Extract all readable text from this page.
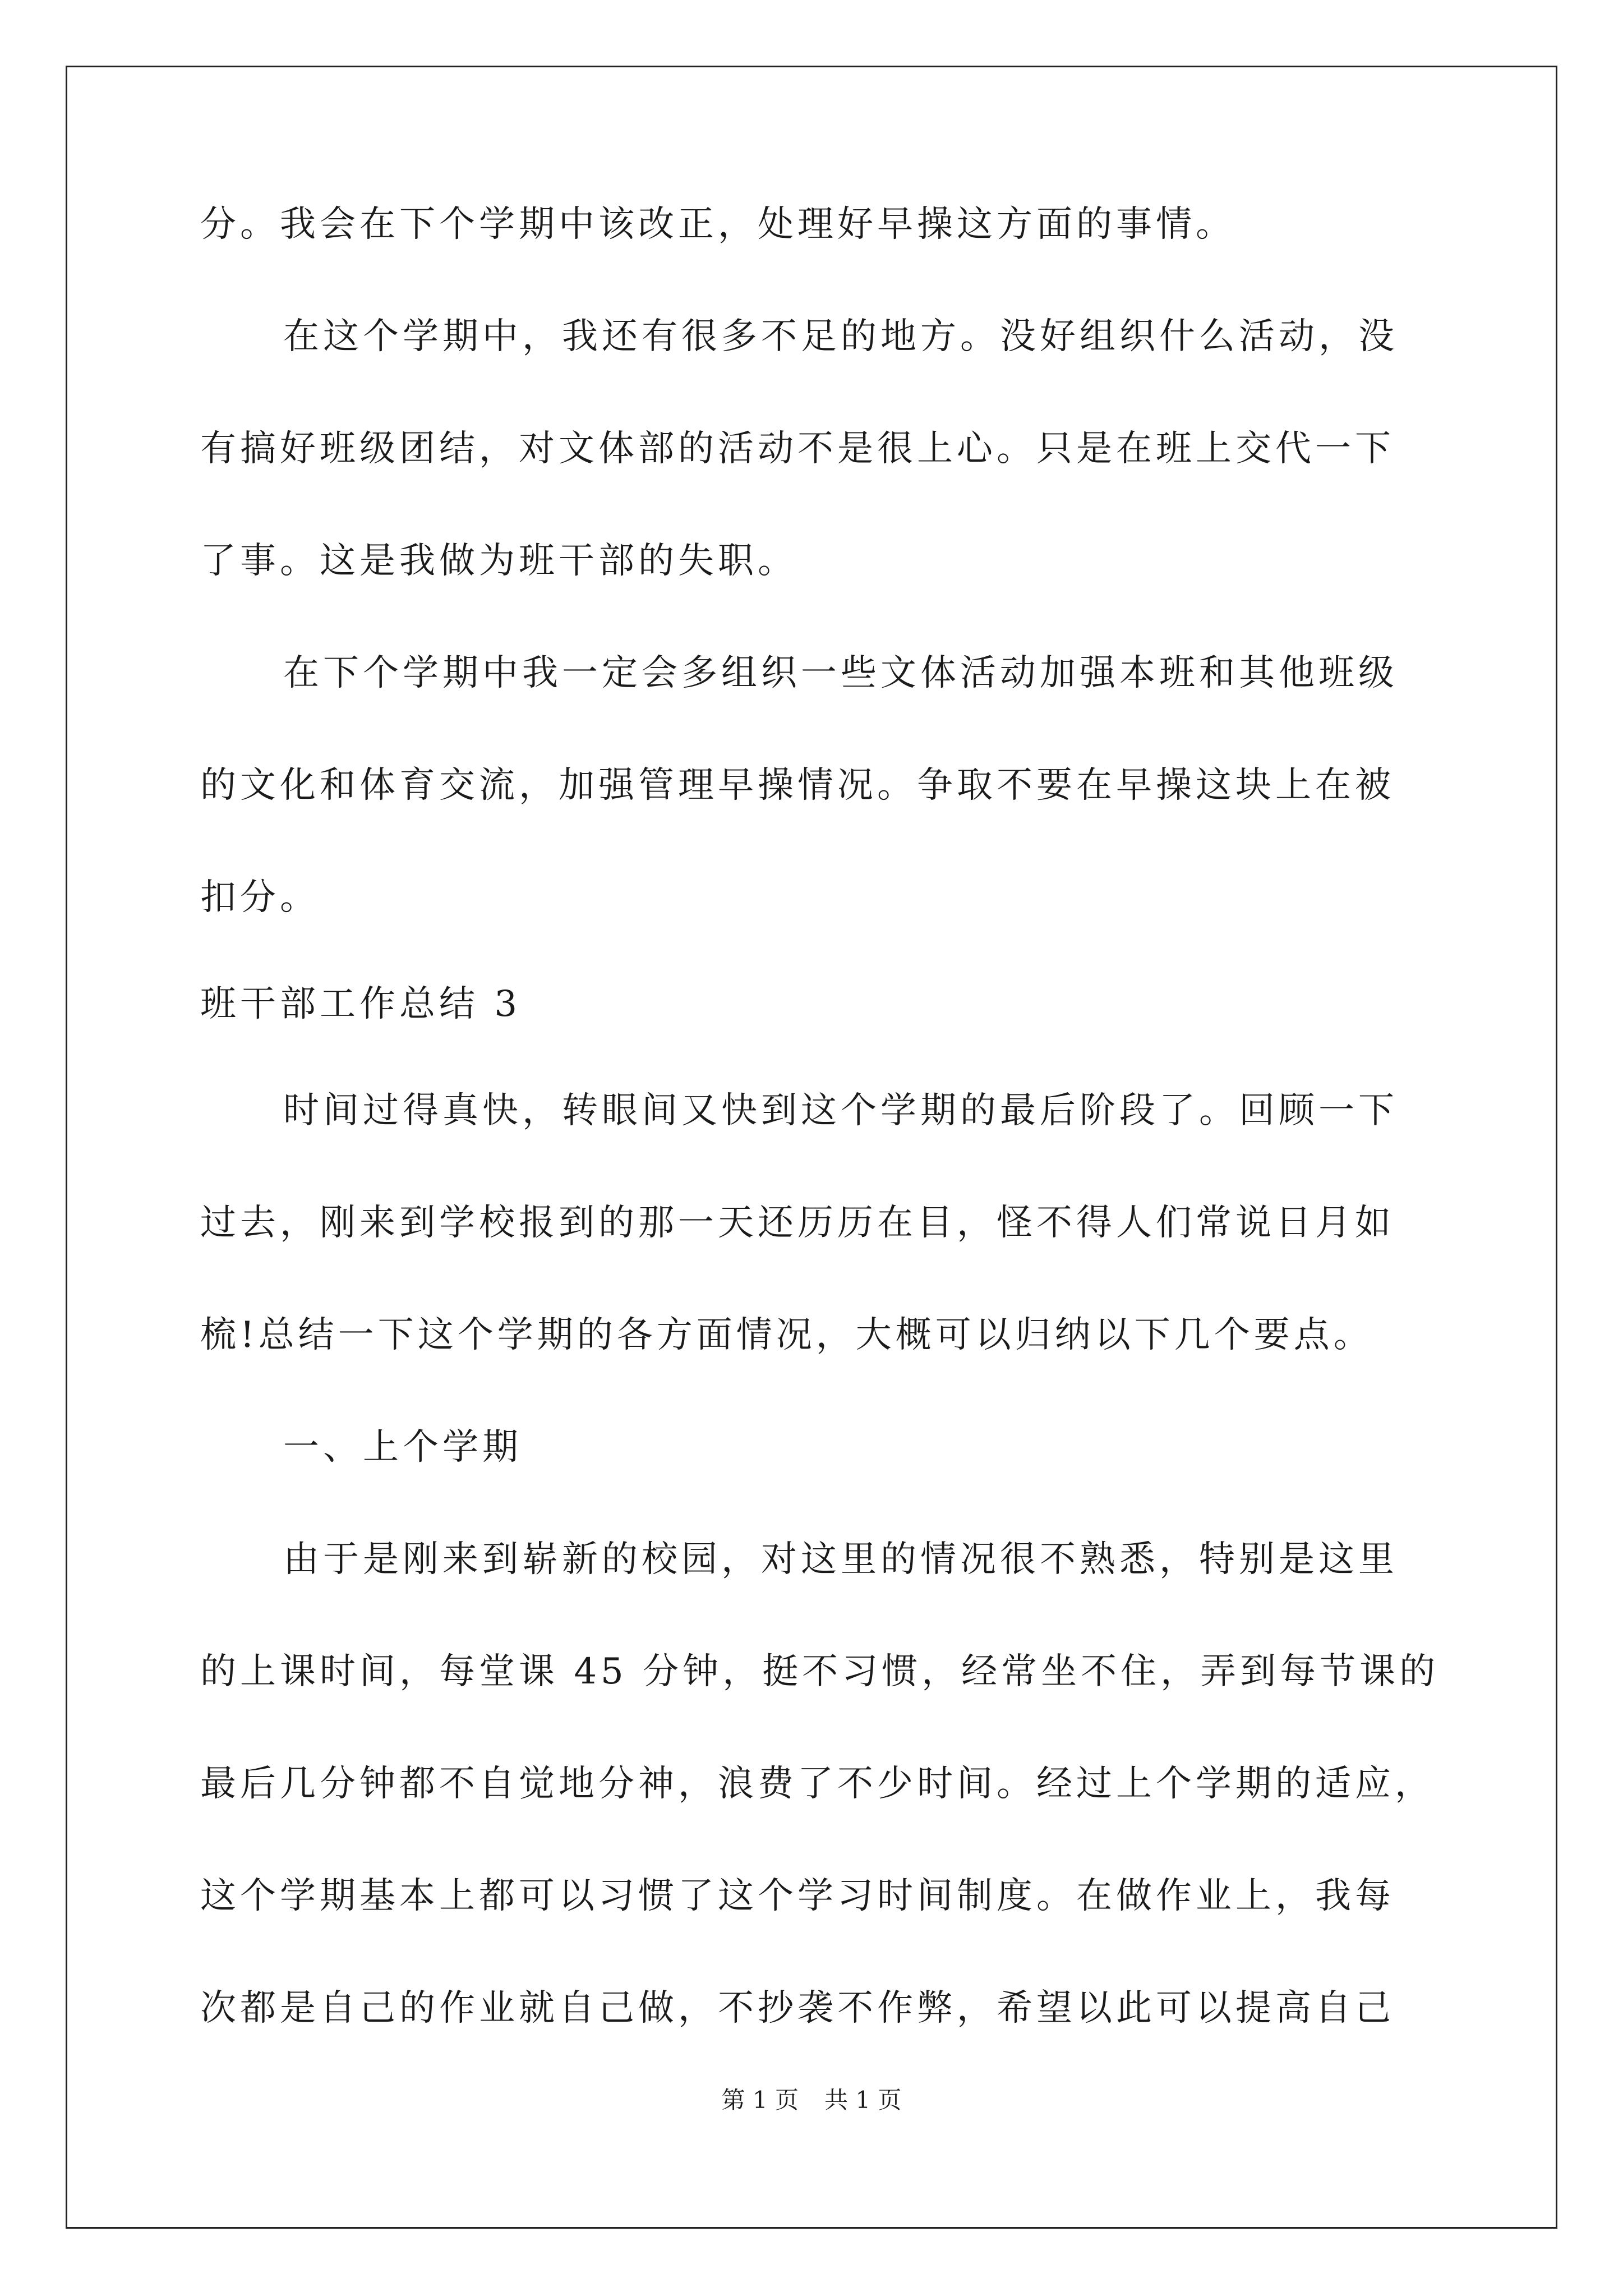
分。我会在下个学期中该改正，处理好早操这方面的事情。
在这个学期中，我还有很多不足的地方。没好组织什么活动，没
有搞好班级团结，对文体部的活动不是很上心。只是在班上交代一下
了事。这是我做为班干部的失职。
在下个学期中我一定会多组织一些文体活动加强本班和其他班级
的文化和体育交流，加强管理早操情况。争取不要在早操这块上在被
扣分。
班干部工作总结 3
时间过得真快，转眼间又快到这个学期的最后阶段了。回顾一下
过去，刚来到学校报到的那一天还历历在目，怪不得人们常说日月如
梳!总结一下这个学期的各方面情况，大概可以归纳以下几个要点。
一、上个学期
由于是刚来到崭新的校园，对这里的情况很不熟悉，特别是这里
的上课时间，每堂课 45 分钟，挺不习惯，经常坐不住，弄到每节课的
最后几分钟都不自觉地分神，浪费了不少时间。经过上个学期的适应，
这个学期基本上都可以习惯了这个学习时间制度。在做作业上，我每
次都是自己的作业就自己做，不抄袭不作弊，希望以此可以提高自己
第 1 页 共 1 页
